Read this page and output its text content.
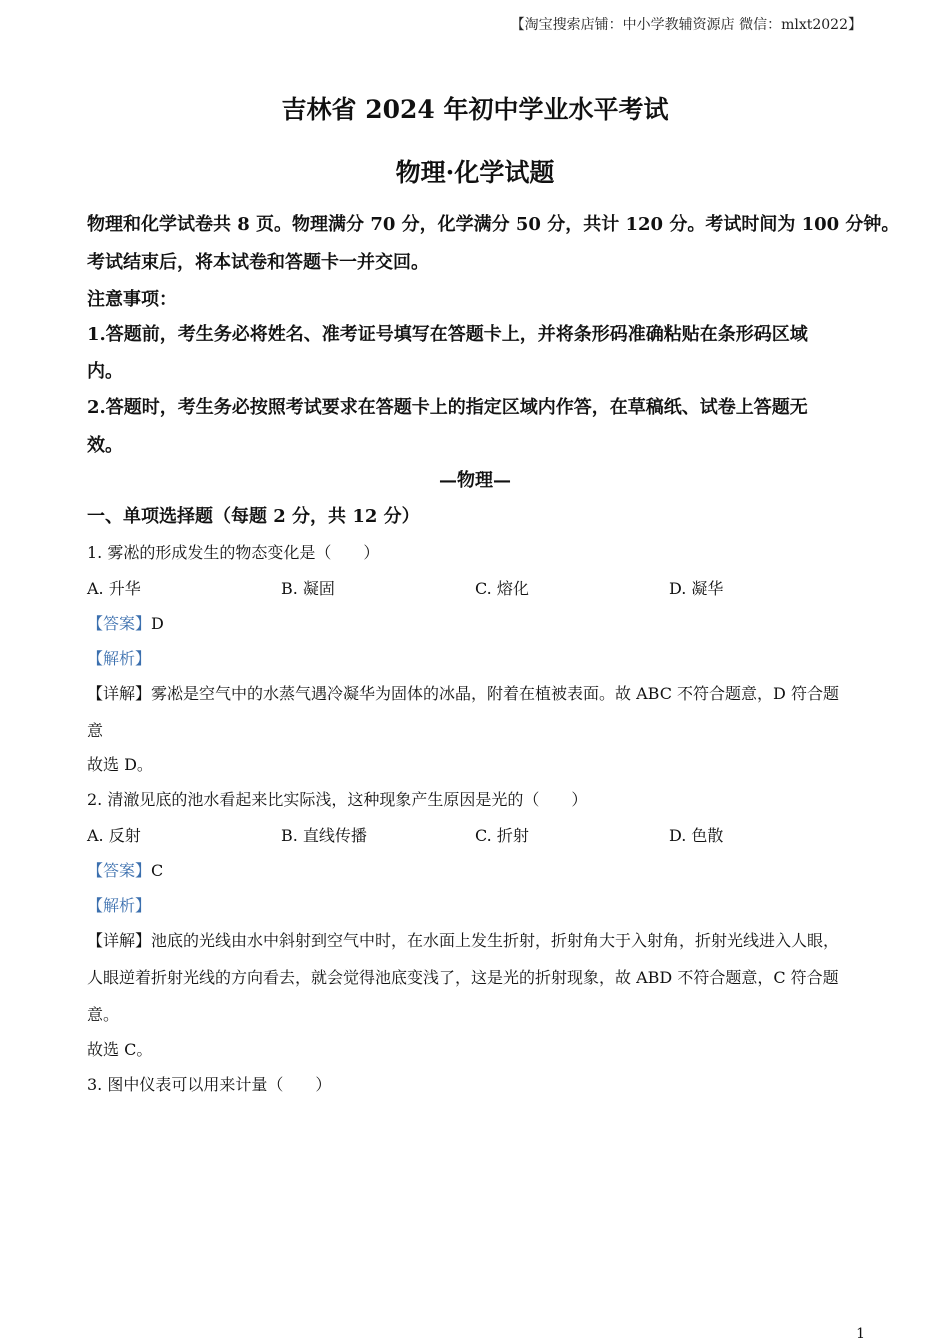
【淘宝搜索店铺：中小学教辅资源店 微信：mlxt2022】
吉林省 2024 年初中学业水平考试
物理·化学试题
物理和化学试卷共 8 页。物理满分 70 分，化学满分 50 分，共计 120 分。考试时间为 100 分钟。
考试结束后，将本试卷和答题卡一并交回。
注意事项：
1.答题前，考生务必将姓名、准考证号填写在答题卡上，并将条形码准确粘贴在条形码区域
内。
2.答题时，考生务必按照考试要求在答题卡上的指定区域内作答，在草稿纸、试卷上答题无
效。
—物理—
一、单项选择题（每题 2 分，共 12 分）
1. 雾凇的形成发生的物态变化是（　　）
A. 升华	B. 凝固	C. 熔化	D. 凝华
【答案】D
【解析】
【详解】雾凇是空气中的水蒸气遇冷凝华为固体的冰晶，附着在植被表面。故 ABC 不符合题意，D 符合题
意
故选 D。
2. 清澈见底的池水看起来比实际浅，这种现象产生原因是光的（　　）
A. 反射	B. 直线传播	C. 折射	D. 色散
【答案】C
【解析】
【详解】池底的光线由水中斜射到空气中时，在水面上发生折射，折射角大于入射角，折射光线进入人眼，
人眼逆着折射光线的方向看去，就会觉得池底变浅了，这是光的折射现象，故 ABD 不符合题意，C 符合题
意。
故选 C。
3. 图中仪表可以用来计量（　　）
1
